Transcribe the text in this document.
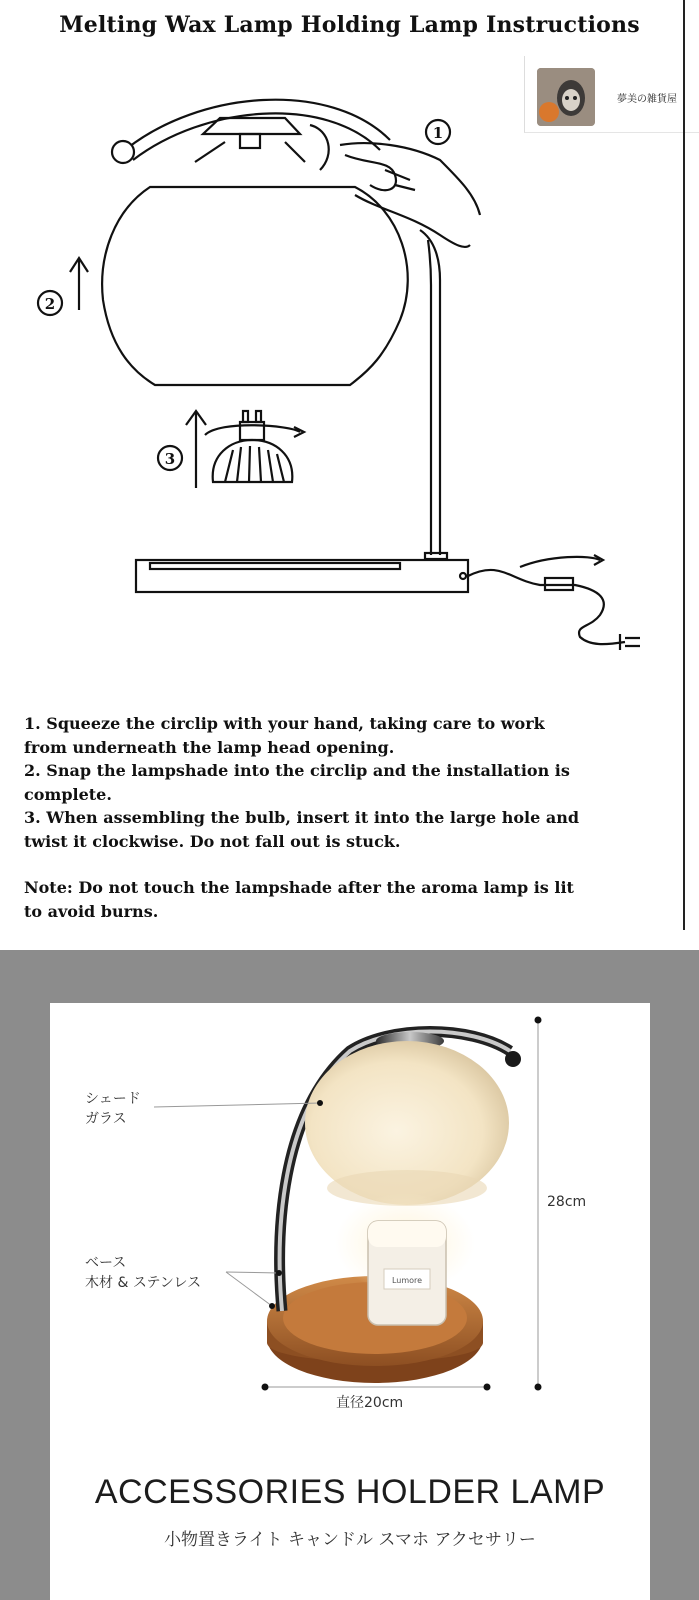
Melting Wax Lamp Holding Lamp Instructions
夢美の雑貨屋
1
2
3
1. Squeeze the circlip with your hand, taking care to work
from underneath the lamp head opening.
2. Snap the lampshade into the circlip and the installation is
complete.
3. When assembling the bulb, insert it into the large hole and
twist it clockwise. Do not fall out is stuck.
Note: Do not touch the lampshade after the aroma lamp is lit
to avoid burns.
Lumore
シェード
ガラス
ベース
木材 & ステンレス
28cm
直径20cm
ACCESSORIES HOLDER LAMP
小物置きライト キャンドル スマホ アクセサリー
